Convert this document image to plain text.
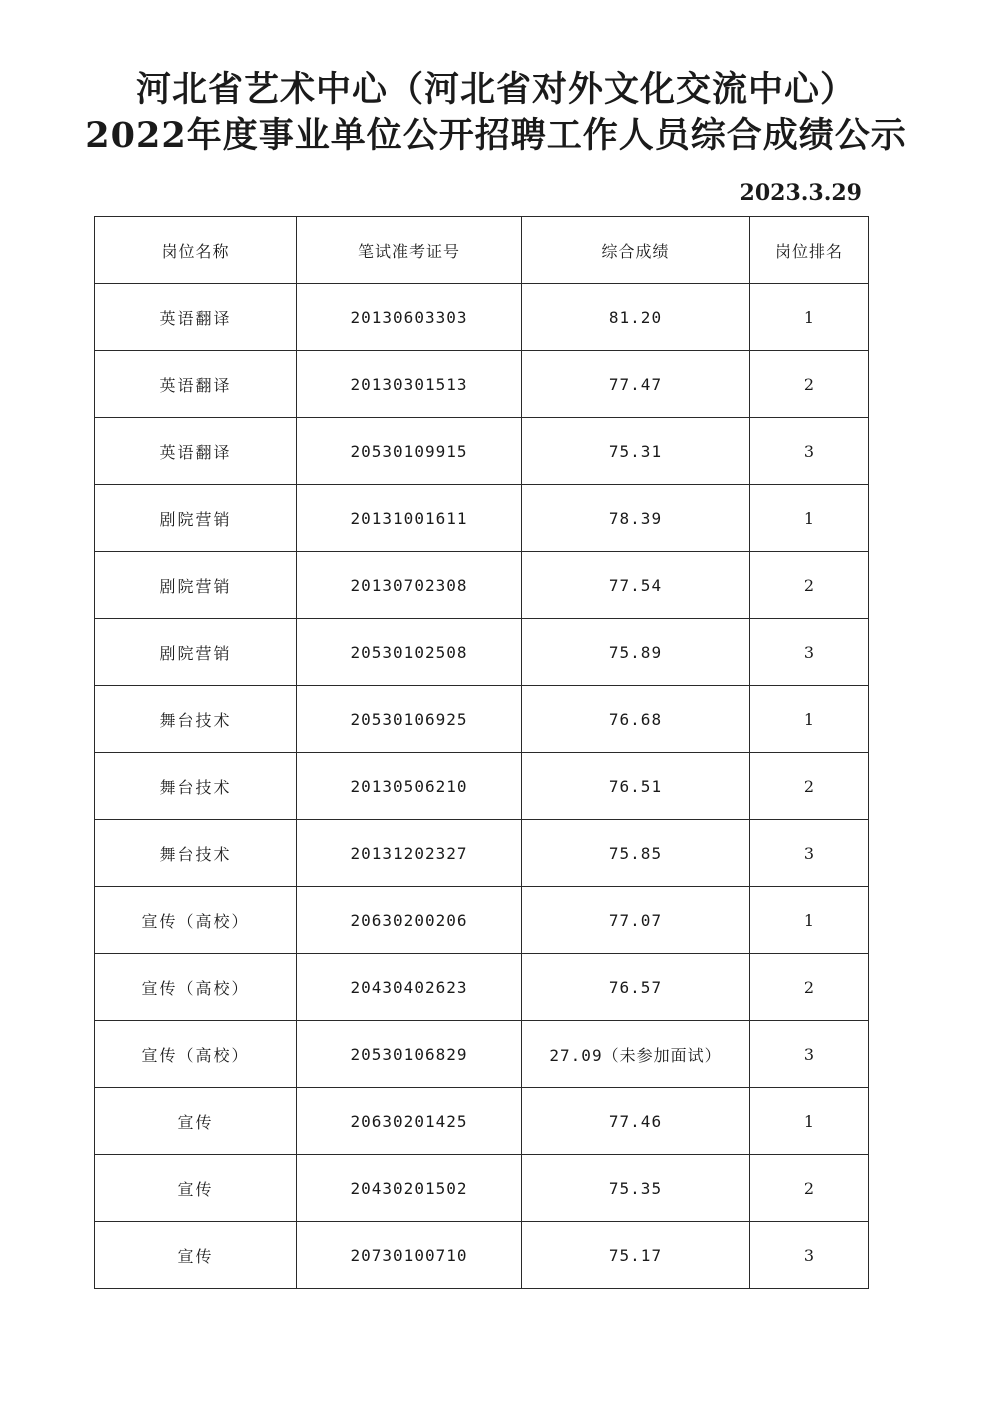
河北省艺术中心（河北省对外文化交流中心）
2022年度事业单位公开招聘工作人员综合成绩公示
2023.3.29
岗位名称	笔试准考证号	综合成绩	岗位排名
英语翻译	20130603303	81.20	1
英语翻译	20130301513	77.47	2
英语翻译	20530109915	75.31	3
剧院营销	20131001611	78.39	1
剧院营销	20130702308	77.54	2
剧院营销	20530102508	75.89	3
舞台技术	20530106925	76.68	1
舞台技术	20130506210	76.51	2
舞台技术	20131202327	75.85	3
宣传（高校）	20630200206	77.07	1
宣传（高校）	20430402623	76.57	2
宣传（高校）	20530106829	27.09（未参加面试）	3
宣传	20630201425	77.46	1
宣传	20430201502	75.35	2
宣传	20730100710	75.17	3
